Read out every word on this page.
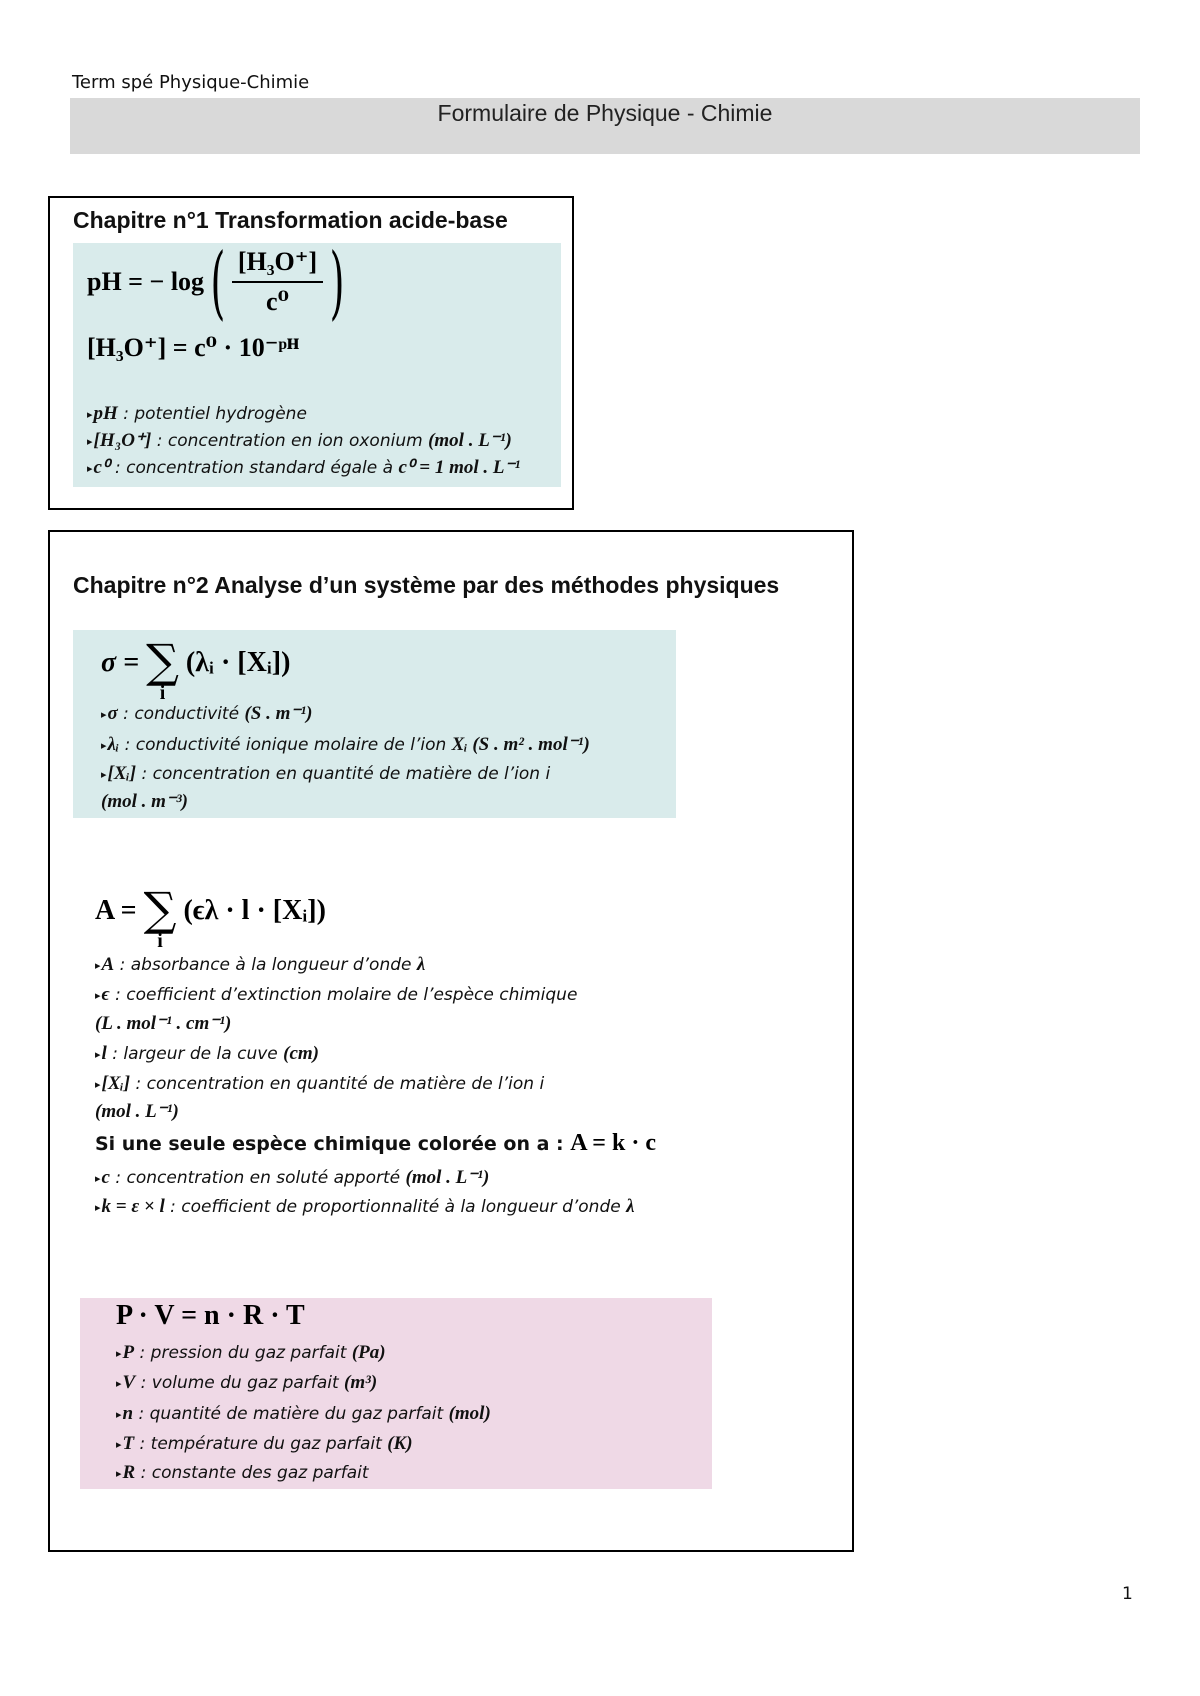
Term spé Physique-Chimie
Formulaire de Physique - Chimie
Chapitre n°1 Transformation acide-base
pH = − log ( $\frac{\text{[H₃O⁺]}}{\text{c⁰}}$ )
[H₃O⁺] = c⁰ · 10⁻ᵖᴴ
▸pH : potentiel hydrogène
▸[H₃O⁺] : concentration en ion oxonium (mol . L⁻¹)
▸c⁰ : concentration standard égale à c⁰ = 1 mol . L⁻¹
Chapitre n°2 Analyse d’un système par des méthodes physiques
σ = ∑
i
(λᵢ · [Xᵢ])
▸σ : conductivité (S . m⁻¹)
▸λᵢ : conductivité ionique molaire de l’ion Xᵢ (S . m² . mol⁻¹)
▸[Xᵢ] : concentration en quantité de matière de l’ion i
(mol . m⁻³)
A = ∑
i
(ϵλ · l · [Xᵢ])
▸A : absorbance à la longueur d’onde λ
▸ϵ : coefficient d’extinction molaire de l’espèce chimique
(L . mol⁻¹ . cm⁻¹)
▸l : largeur de la cuve (cm)
▸[Xᵢ] : concentration en quantité de matière de l’ion i
(mol . L⁻¹)
Si une seule espèce chimique colorée on a : A = k · c
▸c : concentration en soluté apporté (mol . L⁻¹)
▸k = ε × l : coefficient de proportionnalité à la longueur d’onde λ
P · V = n · R · T
▸P : pression du gaz parfait (Pa)
▸V : volume du gaz parfait (m³)
▸n : quantité de matière du gaz parfait (mol)
▸T : température du gaz parfait (K)
▸R : constante des gaz parfait
1
